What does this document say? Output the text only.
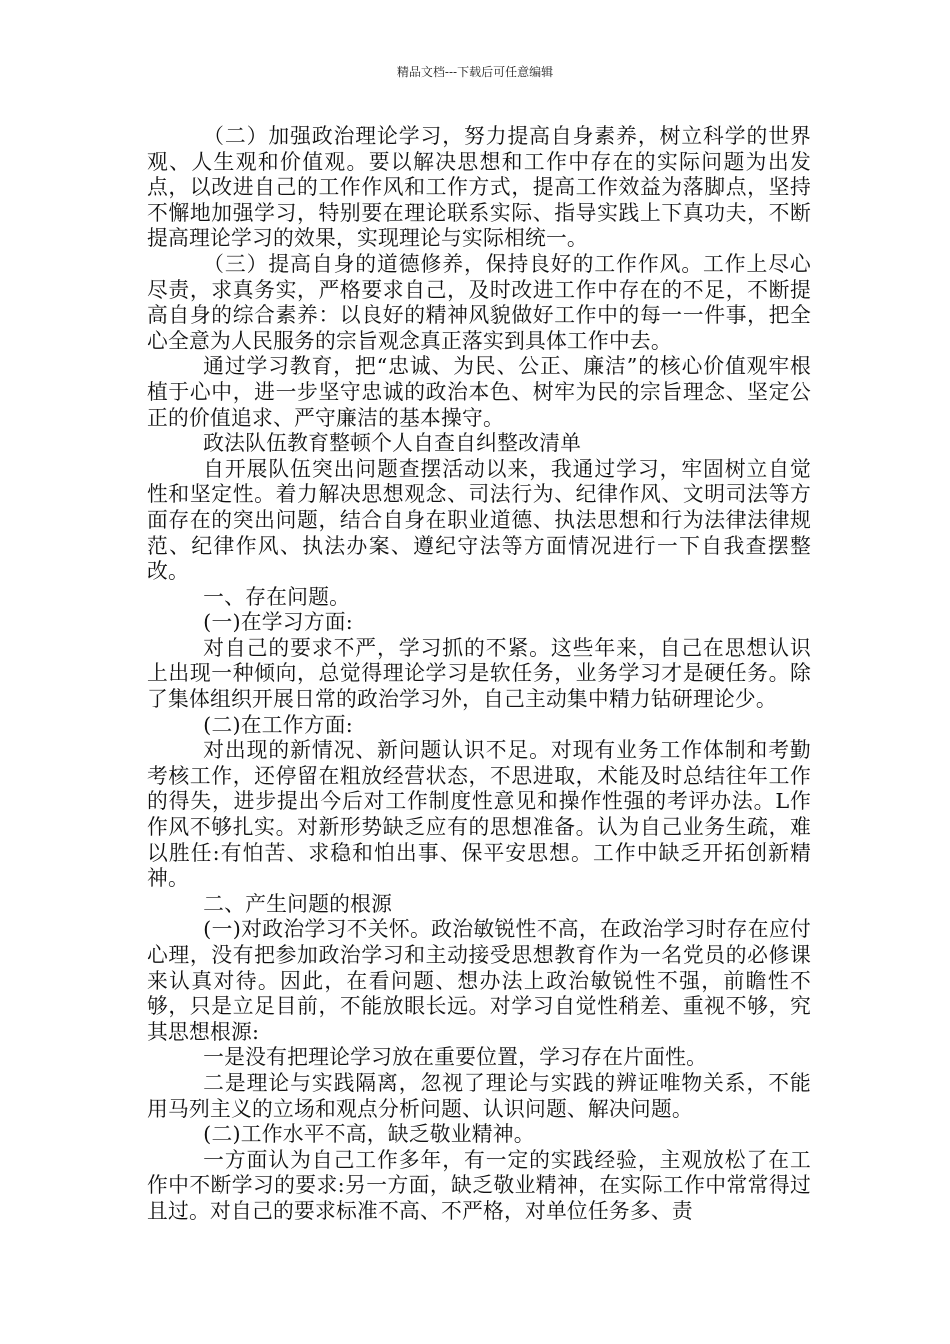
精品文档---下载后可任意编辑

（二）加强政治理论学习，努力提高自身素养，树立科学的世界观、人生观和价值观。要以解决思想和工作中存在的实际问题为出发点，以改进自己的工作作风和工作方式，提高工作效益为落脚点，坚持不懈地加强学习，特别要在理论联系实际、指导实践上下真功夫，不断提高理论学习的效果，实现理论与实际相统一。

（三）提高自身的道德修养，保持良好的工作作风。工作上尽心尽责，求真务实，严格要求自己，及时改进工作中存在的不足，不断提高自身的综合素养：以良好的精神风貌做好工作中的每一一件事，把全心全意为人民服务的宗旨观念真正落实到具体工作中去。

通过学习教育，把“忠诚、为民、公正、廉洁”的核心价值观牢根植于心中，进一步坚守忠诚的政治本色、树牢为民的宗旨理念、坚定公正的价值追求、严守廉洁的基本操守。

政法队伍教育整顿个人自查自纠整改清单

自开展队伍突出问题查摆活动以来，我通过学习，牢固树立自觉性和坚定性。着力解决思想观念、司法行为、纪律作风、文明司法等方面存在的突出问题，结合自身在职业道德、执法思想和行为法律法律规范、纪律作风、执法办案、遵纪守法等方面情况进行一下自我查摆整改。

一、存在问题。

(一)在学习方面:

对自己的要求不严，学习抓的不紧。这些年来，自己在思想认识上出现一种倾向，总觉得理论学习是软任务，业务学习才是硬任务。除了集体组织开展日常的政治学习外，自己主动集中精力钻研理论少。

(二)在工作方面:

对出现的新情况、新问题认识不足。对现有业务工作体制和考勤考核工作，还停留在粗放经营状态，不思进取，术能及时总结往年工作的得失，进步提出今后对工作制度性意见和操作性强的考评办法。L作作风不够扎实。对新形势缺乏应有的思想准备。认为自己业务生疏，难以胜任:有怕苦、求稳和怕出事、保平安思想。工作中缺乏开拓创新精神。

二、产生问题的根源

(一)对政治学习不关怀。政治敏锐性不高，在政治学习时存在应付心理，没有把参加政治学习和主动接受思想教育作为一名党员的必修课来认真对待。因此，在看问题、想办法上政治敏锐性不强，前瞻性不够，只是立足目前，不能放眼长远。对学习自觉性稍差、重视不够，究其思想根源:

一是没有把理论学习放在重要位置，学习存在片面性。

二是理论与实践隔离，忽视了理论与实践的辨证唯物关系，不能用马列主义的立场和观点分析问题、认识问题、解决问题。

(二)工作水平不高，缺乏敬业精神。

一方面认为自己工作多年，有一定的实践经验，主观放松了在工作中不断学习的要求:另一方面，缺乏敬业精神，在实际工作中常常得过且过。对自己的要求标准不高、不严格，对单位任务多、责
